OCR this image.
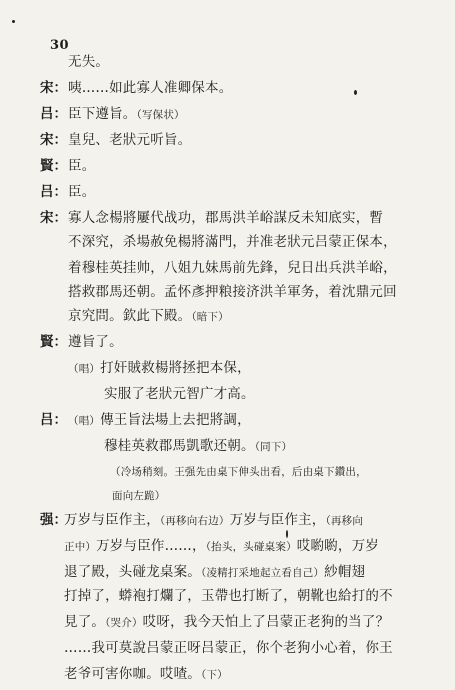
30
无失。
宋： 咦……如此寡人准卿保本。
吕： 臣下遵旨。（写保状）
宋： 皇兒、老狀元听旨。
賢： 臣。
吕： 臣。
宋： 寡人念楊將屢代战功，郡馬洪羊峪謀反未知底实，暫
不深究，杀場赦免楊將滿門，并准老狀元吕蒙正保本，
着穆桂英挂帅，八姐九妹馬前先鋒，兒日出兵洪羊峪，
搭救郡馬还朝。孟怀彥押粮接济洪羊軍务，着沈鼎元回
京究問。欽此下殿。（暗下）
賢： 遵旨了。
（唱）打奸賊救楊將拯把本保，
实服了老狀元智广才高。
吕： （唱）傳王旨法場上去把將調，
穆桂英救郡馬凱歌还朝。（同下）
（冷场稍刻。王强先由桌下伸头出看，后由桌下鑽出，
面向左跪）
强：
万岁与臣作主，（再移向右边）万岁与臣作主，（再移向
正中）万岁与臣作……，（抬头，头碰桌案）哎喲喲，万岁
退了殿，头碰龙桌案。（凌精打采地起立看自己）紗帽翅
打掉了，蟒袍打爛了，玉帶也打断了，朝靴也給打的不
見了。（哭介）哎呀，我今天怕上了吕蒙正老狗的当了？
……我可莫說吕蒙正呀吕蒙正，你个老狗小心着，你王
老爷可害你咖。哎喳。（下）
